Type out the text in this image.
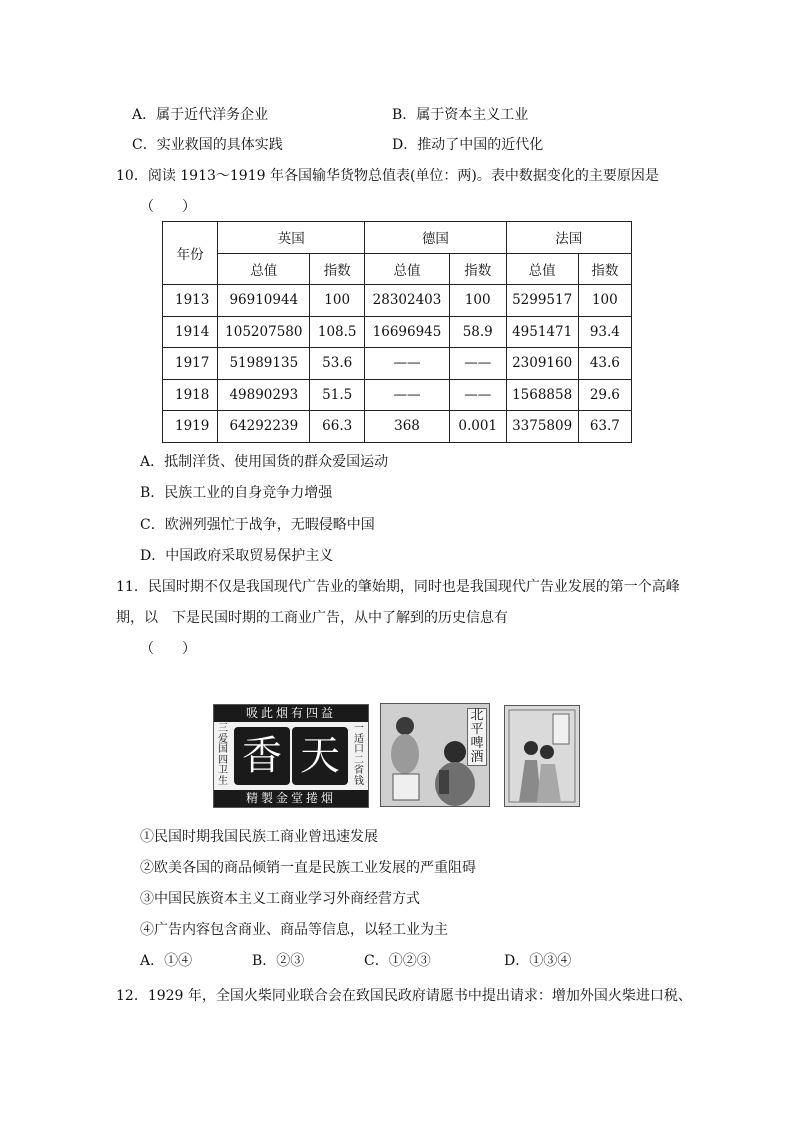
A．属于近代洋务企业	B．属于资本主义工业
C．实业救国的具体实践	D．推动了中国的近代化
10．阅读 1913～1919 年各国输华货物总值表(单位：两)。表中数据变化的主要原因是
（　　）
年份	英国		德国		法国	
	总值	指数	总值	指数	总值	指数
1913	96910944	100	28302403	100	5299517	100
1914	105207580	108.5	16696945	58.9	4951471	93.4
1917	51989135	53.6	——	——	2309160	43.6
1918	49890293	51.5	——	——	1568858	29.6
1919	64292239	66.3	368	0.001	3375809	63.7
A．抵制洋货、使用国货的群众爱国运动
B．民族工业的自身竞争力增强
C．欧洲列强忙于战争，无暇侵略中国
D．中国政府采取贸易保护主义
11．民国时期不仅是我国现代广告业的肇始期，同时也是我国现代广告业发展的第一个高峰
期，以　下是民国时期的工商业广告，从中了解到的历史信息有
（　　）
吸此烟有四益
精製金堂捲烟
三爱国四卫生
一适口二省钱
香 天
北平啤酒
①民国时期我国民族工商业曾迅速发展
②欧美各国的商品倾销一直是民族工业发展的严重阻碍
③中国民族资本主义工商业学习外商经营方式
④广告内容包含商业、商品等信息，以轻工业为主
A．①④	B．②③	C．①②③	D．①③④
12．1929 年，全国火柴同业联合会在致国民政府请愿书中提出请求：增加外国火柴进口税、
